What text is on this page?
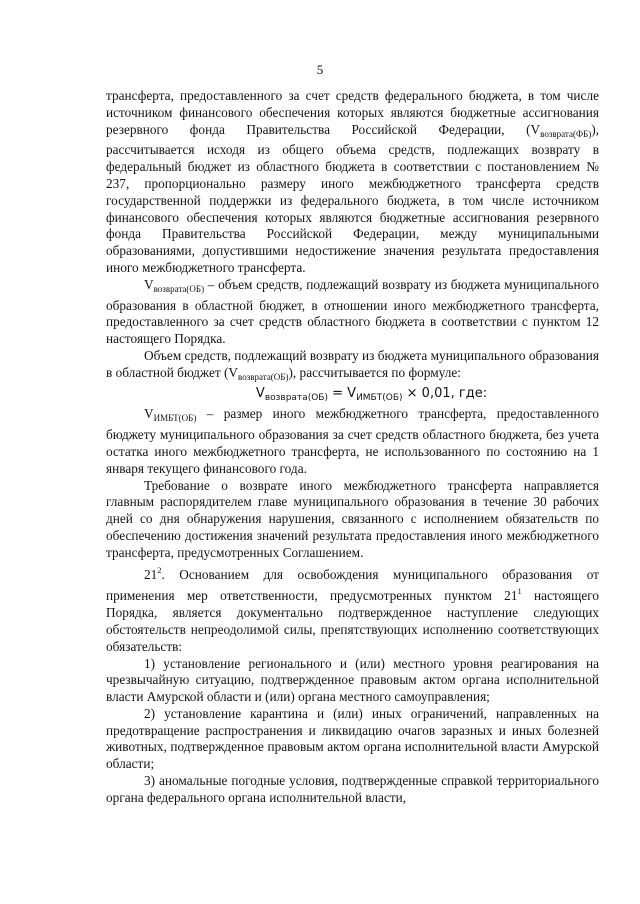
5

трансферта, предоставленного за счет средств федерального бюджета, в том числе источником финансового обеспечения которых являются бюджетные ассигнования резервного фонда Правительства Российской Федерации, $(V_{возврата(ФБ)})$, рассчитывается исходя из общего объема средств, подлежащих возврату в федеральный бюджет из областного бюджета в соответствии с постановлением № 237, пропорционально размеру иного межбюджетного трансферта средств государственной поддержки из федерального бюджета, в том числе источником финансового обеспечения которых являются бюджетные ассигнования резервного фонда Правительства Российской Федерации, между муниципальными образованиями, допустившими недостижение значения результата предоставления иного межбюджетного трансферта.

$V_{возврата(ОБ)}$ – объем средств, подлежащий возврату из бюджета муниципального образования в областной бюджет, в отношении иного межбюджетного трансферта, предоставленного за счет средств областного бюджета в соответствии с пунктом 12 настоящего Порядка.

Объем средств, подлежащий возврату из бюджета муниципального образования в областной бюджет $(V_{возврата(ОБ)})$, рассчитывается по формуле:

$V_{возврата(ОБ)} = V_{ИМБТ(ОБ)} \times 0,01$, где:

$V_{ИМБТ(ОБ)}$ – размер иного межбюджетного трансферта, предоставленного бюджету муниципального образования за счет средств областного бюджета, без учета остатка иного межбюджетного трансферта, не использованного по состоянию на 1 января текущего финансового года.

Требование о возврате иного межбюджетного трансферта направляется главным распорядителем главе муниципального образования в течение 30 рабочих дней со дня обнаружения нарушения, связанного с исполнением обязательств по обеспечению достижения значений результата предоставления иного межбюджетного трансферта, предусмотренных Соглашением.

$21^2$. Основанием для освобождения муниципального образования от применения мер ответственности, предусмотренных пунктом $21^1$ настоящего Порядка, является документально подтвержденное наступление следующих обстоятельств непреодолимой силы, препятствующих исполнению соответствующих обязательств:

1) установление регионального и (или) местного уровня реагирования на чрезвычайную ситуацию, подтвержденное правовым актом органа исполнительной власти Амурской области и (или) органа местного самоуправления;

2) установление карантина и (или) иных ограничений, направленных на предотвращение распространения и ликвидацию очагов заразных и иных болезней животных, подтвержденное правовым актом органа исполнительной власти Амурской области;

3) аномальные погодные условия, подтвержденные справкой территориального органа федерального органа исполнительной власти,
